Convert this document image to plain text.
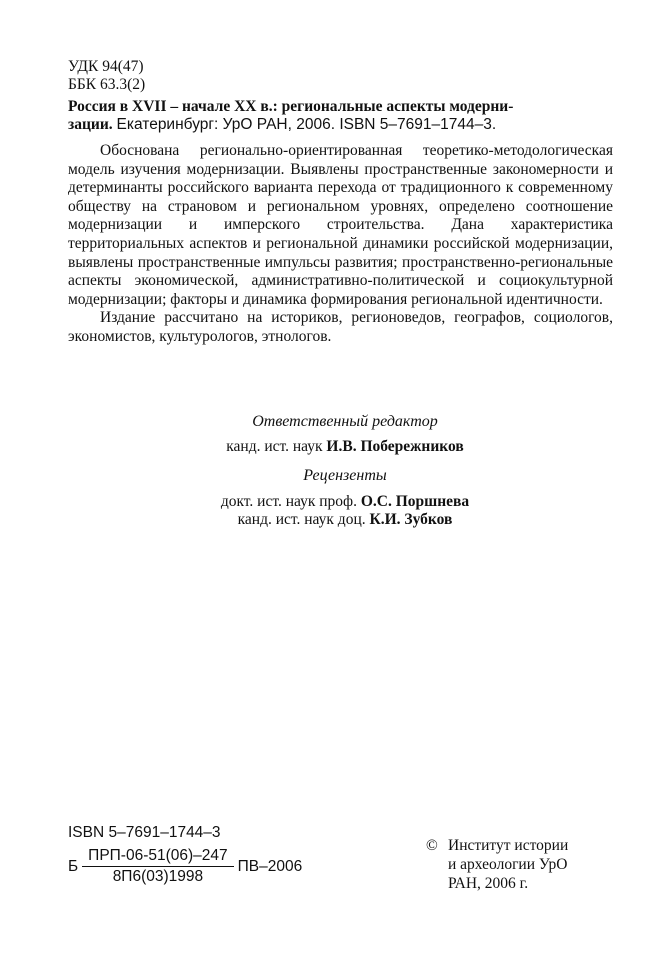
УДК 94(47)
ББК 63.3(2)
Россия в XVII – начале XX в.: региональные аспекты модерни-
зации. Екатеринбург: УрО РАН, 2006. ISBN 5–7691–1744–3.

Обоснована регионально-ориентированная теоретико-методологическая модель изучения модернизации. Выявлены пространственные закономерности и детерминанты российского варианта перехода от традиционного к современному обществу на страновом и региональном уровнях, определено соотношение модернизации и имперского строительства. Дана характеристика территориальных аспектов и региональной динамики российской модернизации, выявлены пространственные импульсы развития; пространственно-региональные аспекты экономической, административно-политической и социокультурной модернизации; факторы и динамика формирования региональной идентичности.

Издание рассчитано на историков, регионоведов, географов, социологов, экономистов, культурологов, этнологов.

Ответственный редактор
канд. ист. наук И.В. Побережников
Рецензенты
докт. ист. наук проф. О.С. Поршнева
канд. ист. наук доц. К.И. Зубков
ISBN 5–7691–1744–3
Б $\frac{\text{ПРП-06-51(06)–247}}{8П6(03)1998} ПВ-2006$
© Институт истории
и археологии УрО
РАН, 2006 г.
